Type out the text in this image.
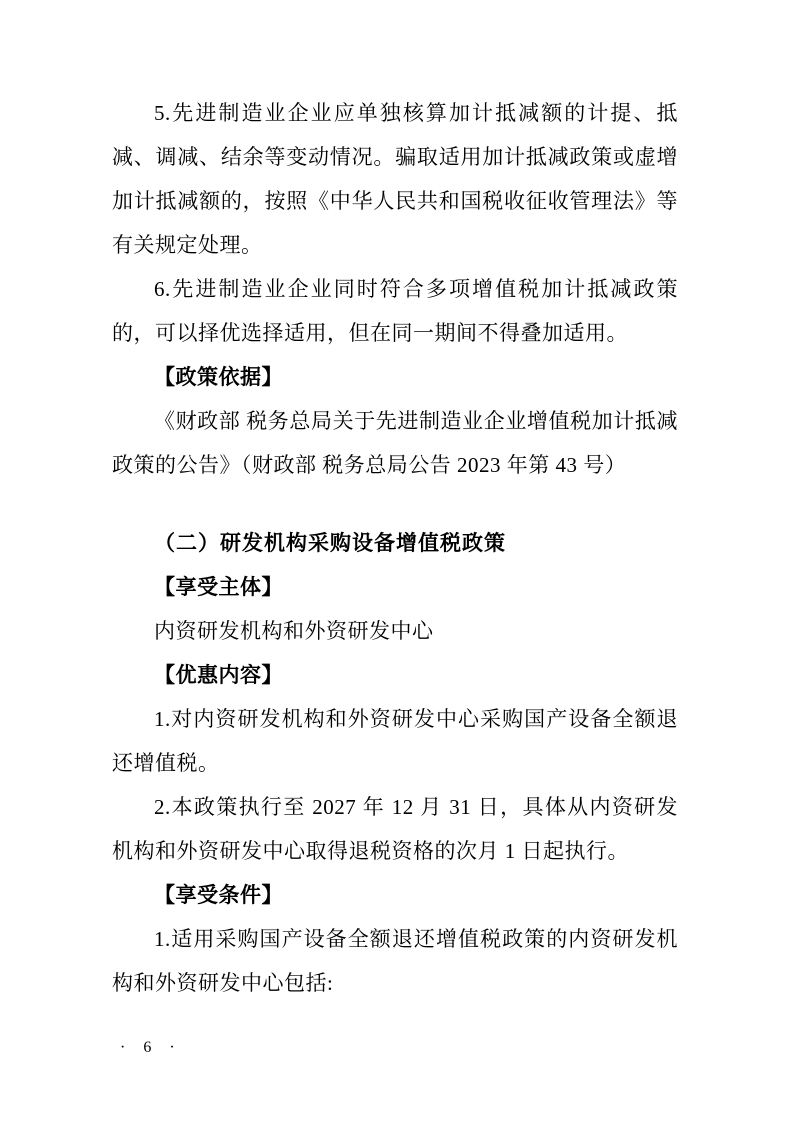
5.先进制造业企业应单独核算加计抵减额的计提、抵减、调减、结余等变动情况。骗取适用加计抵减政策或虚增加计抵减额的，按照《中华人民共和国税收征收管理法》等有关规定处理。

6.先进制造业企业同时符合多项增值税加计抵减政策的，可以择优选择适用，但在同一期间不得叠加适用。

【政策依据】

《财政部 税务总局关于先进制造业企业增值税加计抵减政策的公告》（财政部 税务总局公告 2023 年第 43 号）

（二）研发机构采购设备增值税政策

【享受主体】

内资研发机构和外资研发中心

【优惠内容】

1.对内资研发机构和外资研发中心采购国产设备全额退还增值税。

2.本政策执行至 2027 年 12 月 31 日，具体从内资研发机构和外资研发中心取得退税资格的次月 1 日起执行。

【享受条件】

1.适用采购国产设备全额退还增值税政策的内资研发机构和外资研发中心包括:

· 6 ·
